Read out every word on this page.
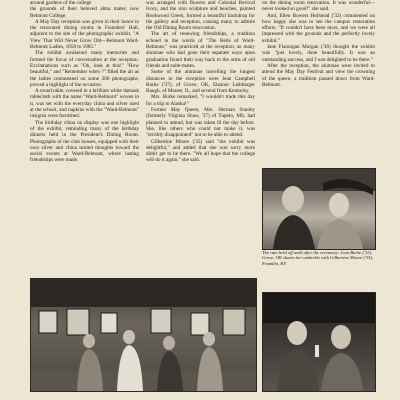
around gardens of the college

the grounds of their beloved alma mater, now Belmont College.

A May Day reception was given in their honor in the renovated dining rooms in Founders' Hall, adjacent to the site of the photographic exhibit, "A View That Will Never Grow Old—Belmont Ward-Belmont Ladies, 1858 to 1985."

The exhibit awakened many memories and formed the focus of conversation at the reception. Exclamations such as "Oh, look at this!" "How beautiful," and "Remember when ?" filled the air as the ladies commented on some 200 photographs, proved a highlight of the occasion.

A round table, covered in a brilliant white damask tablecloth with the name "Ward-Belmont" woven in it, was set with the everyday china and silver used at the school, and napkins with the "Ward-Belmont" insignia were furnished.

The birthday china on display was one highlight of the exhibit, reminding many of the birthday dinners held in the President's Dining Room. Photographs of the club houses, equipped with their own silver and china turned thoughts toward the social events at Ward-Belmont, where lasting friendships were made.

was arranged with flowers and Colonial Revival Ivory, and the iron sculpture and benches, painted Rookwood Green, formed a beautiful backdrop for the gallery and reception, causing many to admire the Old Dining Room renovation.

The art of renewing friendships, a tradition echoed in the words of "The Bells of Ward-Belmont," was practiced at the reception, as many alumnae who had gone their separate ways upon graduation found their way back to the arms of old friends and suite-mates.

Some of the alumnae travelling the longest distances to the reception were Jean Campbell Burke ('37), of Grove, OK, Eleanor Liebbarger Baugh, of Monee, IL, and several from Kentucky.

Mrs. Burke remarked, "I wouldn't trade this day for a trip to Alaska!"

Former May Queen, Mrs. Herman Stanley (formerly Virginia Shaw, '37) of Tupelo, MS, had planned to attend, but was taken ill the day before. She, like others who could not make it, was "terribly disappointed" not to be able to attend.

Gilbertine Moore ('35) said "the exhibit was delightful," and added that she was sorry more didn't get to be there. "We all hope that the college will do it again," she said.

on the dining room renovation. It was wonderful—never looked so good!" she said.

And, Ellen Bowers Hofstead ('32) commented on how happy she was to see the campus restoration efforts. "It couldn't have been nicer, and we were all impressed with the grounds and the perfectly lovely exhibit."

Jane Flannigan Morgan ('36) thought the exhibit was "just lovely, done beautifully. It was an outstanding success, and I was delighted to be there."

After the reception, the alumnae were invited to attend the May Day Festival and view the crowning of the queen, a tradition passed down from Ward-Belmont.

The rain held off until after the ceremony: Jean Burke ('32), Grove, OK shares her umbrella with Gilbertine Moore ('35), Franklin, KY.
